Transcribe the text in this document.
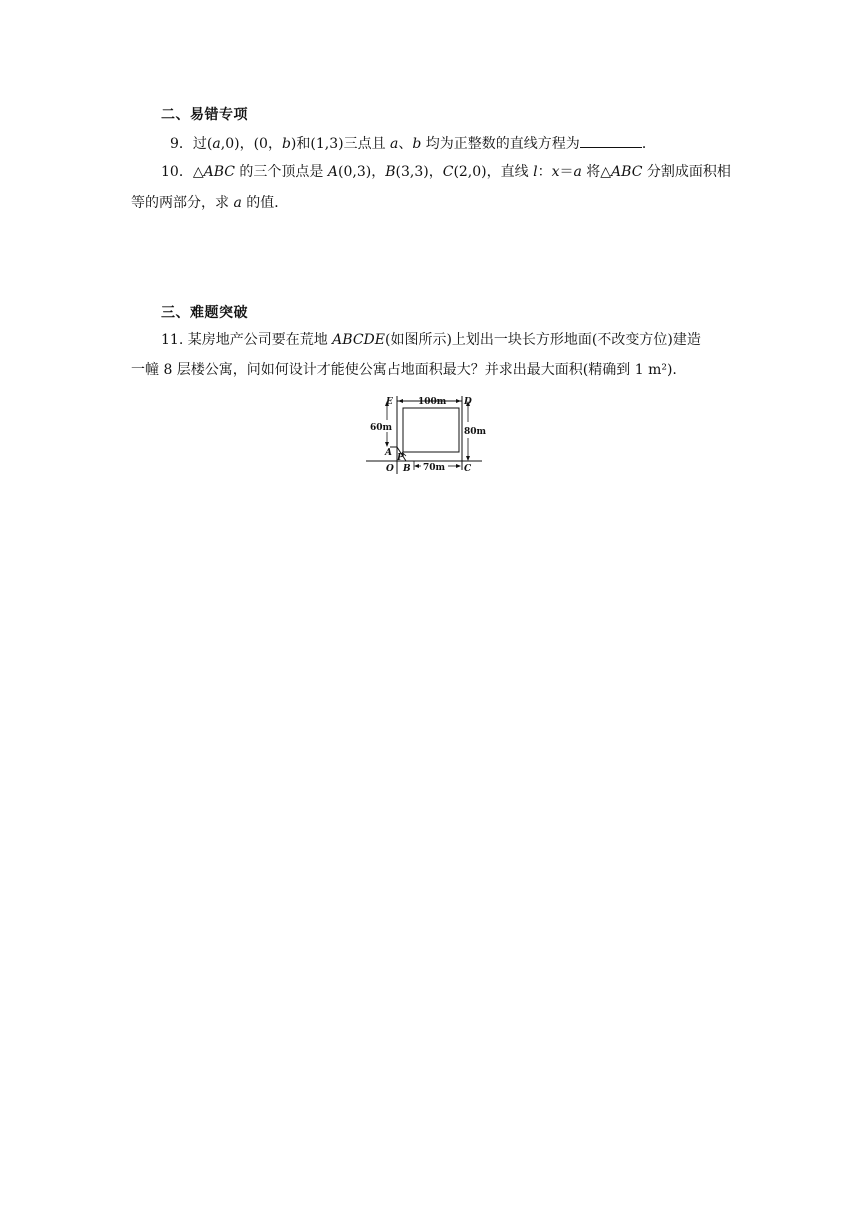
二、易错专项
9．过(a,0)，(0，b)和(1,3)三点且 a、b 均为正整数的直线方程为	．
10．△ABC 的三个顶点是 A(0,3)，B(3,3)，C(2,0)，直线 l：x＝a 将△ABC 分割成面积相
等的两部分，求 a 的值．
三、难题突破
11. 某房地产公司要在荒地 ABCDE(如图所示)上划出一块长方形地面(不改变方位)建造
一幢 8 层楼公寓，问如何设计才能使公寓占地面积最大？并求出最大面积(精确到 1 m²).
E	D
A
O B	C
P
100m
60m	80m
70m
